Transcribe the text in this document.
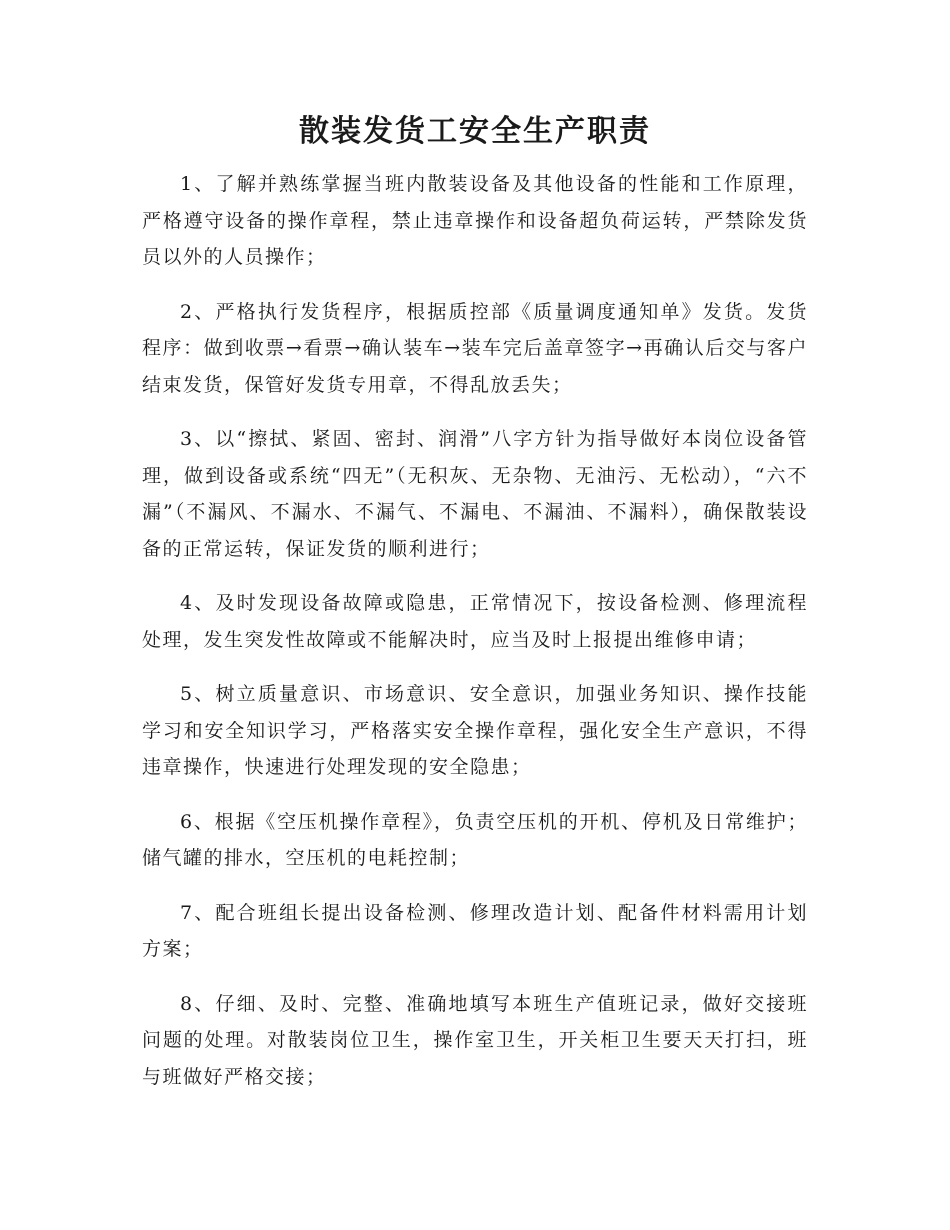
散装发货工安全生产职责

1、了解并熟练掌握当班内散装设备及其他设备的性能和工作原理，严格遵守设备的操作章程，禁止违章操作和设备超负荷运转，严禁除发货员以外的人员操作；

2、严格执行发货程序，根据质控部《质量调度通知单》发货。发货程序：做到收票→看票→确认装车→装车完后盖章签字→再确认后交与客户结束发货，保管好发货专用章，不得乱放丢失；

3、以“擦拭、紧固、密封、润滑”八字方针为指导做好本岗位设备管理，做到设备或系统“四无”（无积灰、无杂物、无油污、无松动），“六不漏”（不漏风、不漏水、不漏气、不漏电、不漏油、不漏料），确保散装设备的正常运转，保证发货的顺利进行；

4、及时发现设备故障或隐患，正常情况下，按设备检测、修理流程处理，发生突发性故障或不能解决时，应当及时上报提出维修申请；

5、树立质量意识、市场意识、安全意识，加强业务知识、操作技能学习和安全知识学习，严格落实安全操作章程，强化安全生产意识，不得违章操作，快速进行处理发现的安全隐患；

6、根据《空压机操作章程》，负责空压机的开机、停机及日常维护；储气罐的排水，空压机的电耗控制；

7、配合班组长提出设备检测、修理改造计划、配备件材料需用计划方案；

8、仔细、及时、完整、准确地填写本班生产值班记录，做好交接班问题的处理。对散装岗位卫生，操作室卫生，开关柜卫生要天天打扫，班与班做好严格交接；
